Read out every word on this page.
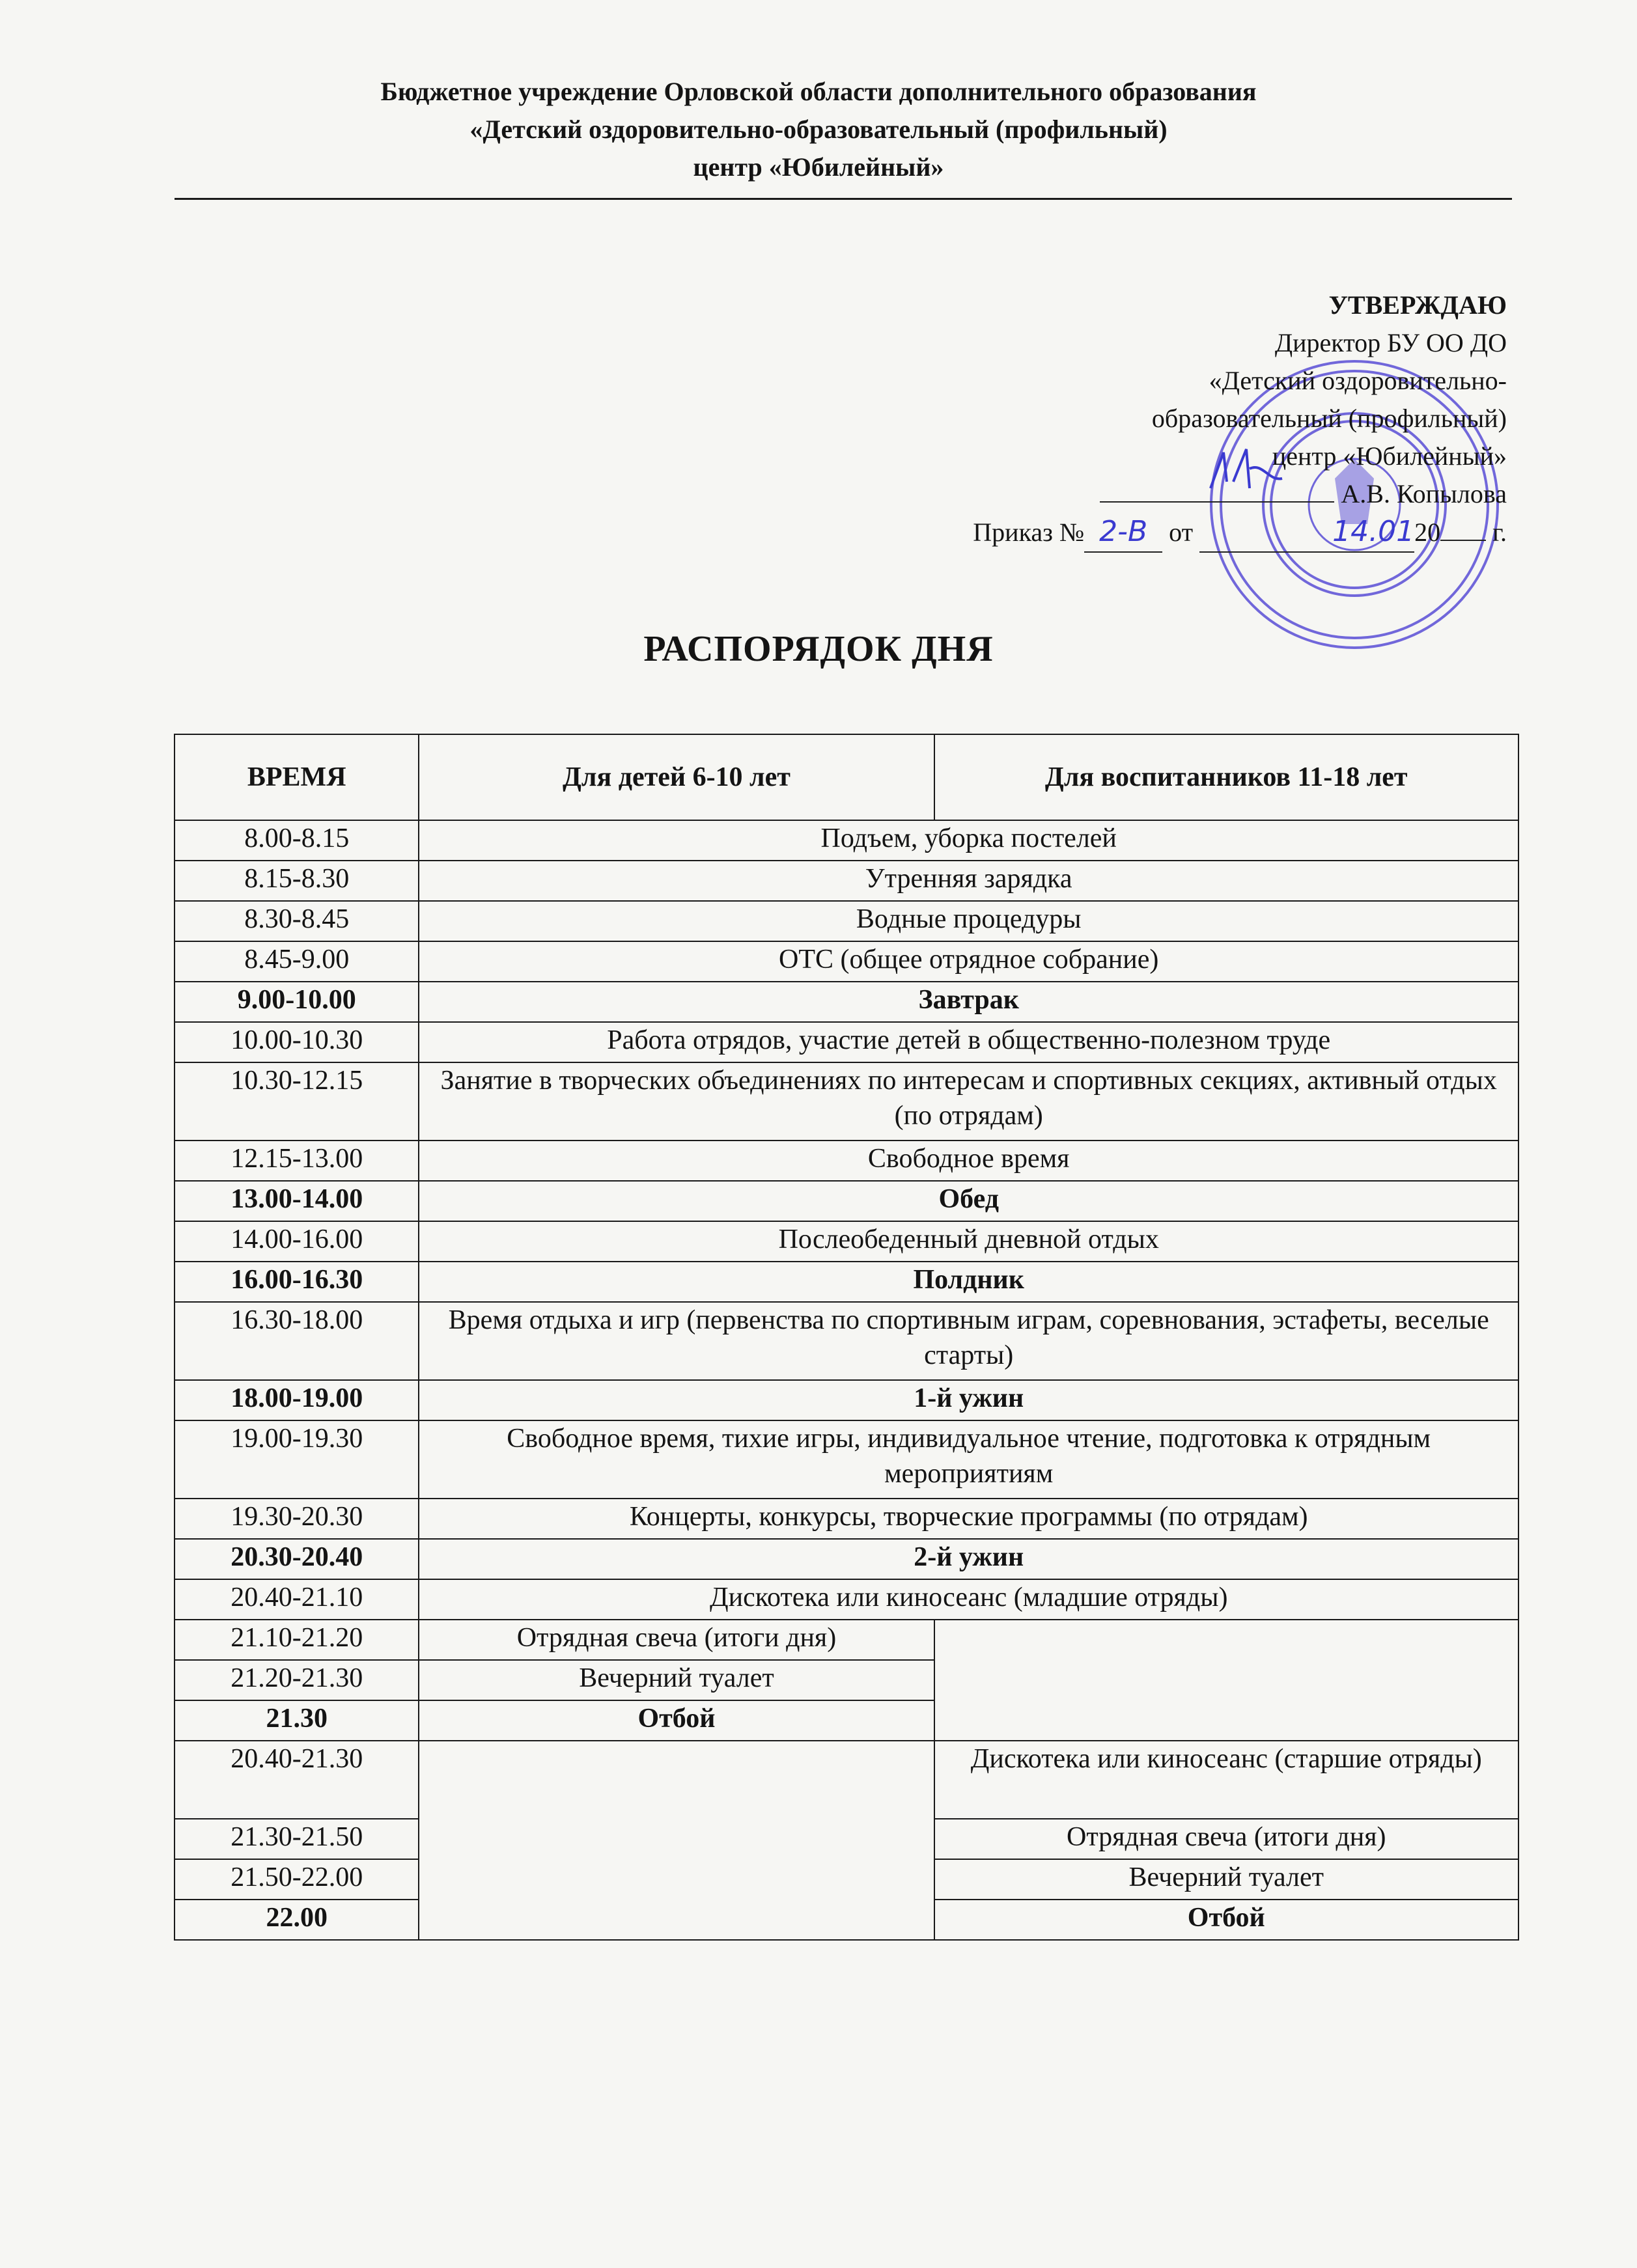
Бюджетное учреждение Орловской области дополнительного образования
«Детский оздоровительно-образовательный (профильный)
центр «Юбилейный»
УТВЕРЖДАЮ
Директор БУ ОО ДО
«Детский оздоровительно-
образовательный (профильный)
центр «Юбилейный»
А.В. Копылова
Приказ № 2-В от	14.0120 г.
РАСПОРЯДОК ДНЯ
ВРЕМЯ	Для детей 6-10 лет	Для воспитанников 11-18 лет
8.00-8.15	Подъем, уборка постелей	
8.15-8.30	Утренняя зарядка	
8.30-8.45	Водные процедуры	
8.45-9.00	ОТС (общее отрядное собрание)	
9.00-10.00	Завтрак	
10.00-10.30	Работа отрядов, участие детей в общественно-полезном труде	
10.30-12.15	Занятие в творческих объединениях по интересам и спортивных секциях, активный отдых (по отрядам)	
12.15-13.00	Свободное время	
13.00-14.00	Обед	
14.00-16.00	Послеобеденный дневной отдых	
16.00-16.30	Полдник	
16.30-18.00	Время отдыха и игр (первенства по спортивным играм, соревнования, эстафеты, веселые старты)	
18.00-19.00	1-й ужин	
19.00-19.30	Свободное время, тихие игры, индивидуальное чтение, подготовка к отрядным мероприятиям	
19.30-20.30	Концерты, конкурсы, творческие программы (по отрядам)	
20.30-20.40	2-й ужин	
20.40-21.10	Дискотека или киносеанс (младшие отряды)	
21.10-21.20	Отрядная свеча (итоги дня)	
21.20-21.30	Вечерний туалет	
21.30	Отбой	
20.40-21.30		Дискотека или киносеанс (старшие отряды)
21.30-21.50		Отрядная свеча (итоги дня)
21.50-22.00		Вечерний туалет
22.00		Отбой
